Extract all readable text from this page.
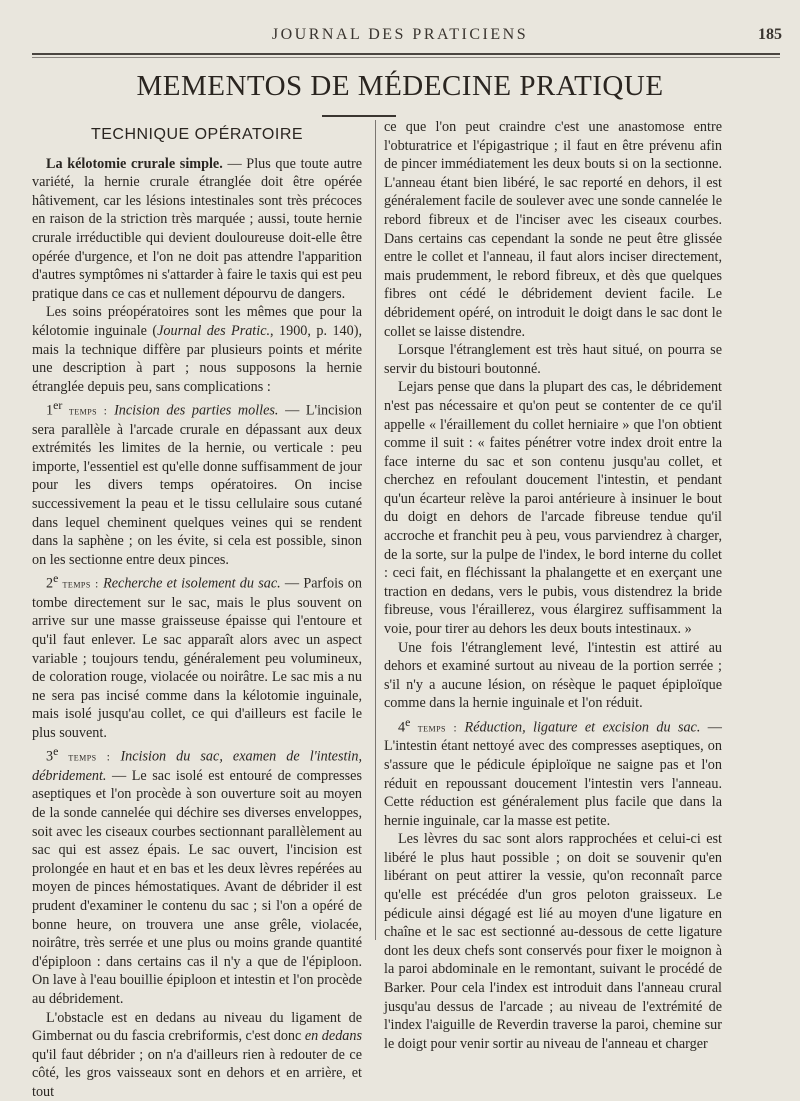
JOURNAL DES PRATICIENS	185
MEMENTOS DE MÉDECINE PRATIQUE
TECHNIQUE OPÉRATOIRE

La kélotomie crurale simple. — Plus que toute autre variété, la hernie crurale étranglée doit être opérée hâtivement, car les lésions intestinales sont très précoces en raison de la striction très marquée ; aussi, toute hernie crurale irréductible qui devient douloureuse doit-elle être opérée d'urgence, et l'on ne doit pas attendre l'apparition d'autres symptômes ni s'attarder à faire le taxis qui est peu pratique dans ce cas et nullement dépourvu de dangers.

Les soins préopératoires sont les mêmes que pour la kélotomie inguinale (Journal des Pratic., 1900, p. 140), mais la technique diffère par plusieurs points et mérite une description à part ; nous supposons la hernie étranglée depuis peu, sans complications :

1er temps : Incision des parties molles. — L'incision sera parallèle à l'arcade crurale en dépassant aux deux extrémités les limites de la hernie, ou verticale : peu importe, l'essentiel est qu'elle donne suffisamment de jour pour les divers temps opératoires. On incise successivement la peau et le tissu cellulaire sous cutané dans lequel cheminent quelques veines qui se rendent dans la saphène ; on les évite, si cela est possible, sinon on les sectionne entre deux pinces.

2e temps : Recherche et isolement du sac. — Parfois on tombe directement sur le sac, mais le plus souvent on arrive sur une masse graisseuse épaisse qui l'entoure et qu'il faut enlever. Le sac apparaît alors avec un aspect variable ; toujours tendu, généralement peu volumineux, de coloration rouge, violacée ou noirâtre. Le sac mis a nu ne sera pas incisé comme dans la kélotomie inguinale, mais isolé jusqu'au collet, ce qui d'ailleurs est facile le plus souvent.

3e temps : Incision du sac, examen de l'intestin, débridement. — Le sac isolé est entouré de compresses aseptiques et l'on procède à son ouverture soit au moyen de la sonde cannelée qui déchire ses diverses enveloppes, soit avec les ciseaux courbes sectionnant parallèlement au sac qui est assez épais. Le sac ouvert, l'incision est prolongée en haut et en bas et les deux lèvres repérées au moyen de pinces hémostatiques. Avant de débrider il est prudent d'examiner le contenu du sac ; si l'on a opéré de bonne heure, on trouvera une anse grêle, violacée, noirâtre, très serrée et une plus ou moins grande quantité d'épiploon : dans certains cas il n'y a que de l'épiploon. On lave à l'eau bouillie épiploon et intestin et l'on procède au débridement.

L'obstacle est en dedans au niveau du ligament de Gimbernat ou du fascia crebriformis, c'est donc en dedans qu'il faut débrider ; on n'a d'ailleurs rien à redouter de ce côté, les gros vaisseaux sont en dehors et en arrière, et tout

ce que l'on peut craindre c'est une anastomose entre l'obturatrice et l'épigastrique ; il faut en être prévenu afin de pincer immédiatement les deux bouts si on la sectionne. L'anneau étant bien libéré, le sac reporté en dehors, il est généralement facile de soulever avec une sonde cannelée le rebord fibreux et de l'inciser avec les ciseaux courbes. Dans certains cas cependant la sonde ne peut être glissée entre le collet et l'anneau, il faut alors inciser directement, mais prudemment, le rebord fibreux, et dès que quelques fibres ont cédé le débridement devient facile. Le débridement opéré, on introduit le doigt dans le sac dont le collet se laisse distendre.

Lorsque l'étranglement est très haut situé, on pourra se servir du bistouri boutonné.

Lejars pense que dans la plupart des cas, le débridement n'est pas nécessaire et qu'on peut se contenter de ce qu'il appelle « l'éraillement du collet herniaire » que l'on obtient comme il suit : « faites pénétrer votre index droit entre la face interne du sac et son contenu jusqu'au collet, et cherchez en refoulant doucement l'intestin, et pendant qu'un écarteur relève la paroi antérieure à insinuer le bout du doigt en dehors de l'arcade fibreuse tendue qu'il accroche et franchit peu à peu, vous parviendrez à charger, de la sorte, sur la pulpe de l'index, le bord interne du collet : ceci fait, en fléchissant la phalangette et en exerçant une traction en dedans, vers le pubis, vous distendrez la bride fibreuse, vous l'éraillerez, vous élargirez suffisamment la voie, pour tirer au dehors les deux bouts intestinaux. »

Une fois l'étranglement levé, l'intestin est attiré au dehors et examiné surtout au niveau de la portion serrée ; s'il n'y a aucune lésion, on résèque le paquet épiploïque comme dans la hernie inguinale et l'on réduit.

4e temps : Réduction, ligature et excision du sac. — L'intestin étant nettoyé avec des compresses aseptiques, on s'assure que le pédicule épiploïque ne saigne pas et l'on réduit en repoussant doucement l'intestin vers l'anneau. Cette réduction est généralement plus facile que dans la hernie inguinale, car la masse est petite.

Les lèvres du sac sont alors rapprochées et celui-ci est libéré le plus haut possible ; on doit se souvenir qu'en libérant on peut attirer la vessie, qu'on reconnaît parce qu'elle est précédée d'un gros peloton graisseux. Le pédicule ainsi dégagé est lié au moyen d'une ligature en chaîne et le sac est sectionné au-dessous de cette ligature dont les deux chefs sont conservés pour fixer le moignon à la paroi abdominale en le remontant, suivant le procédé de Barker. Pour cela l'index est introduit dans l'anneau crural jusqu'au dessus de l'arcade ; au niveau de l'extrémité de l'index l'aiguille de Reverdin traverse la paroi, chemine sur le doigt pour venir sortir au niveau de l'anneau et charger
